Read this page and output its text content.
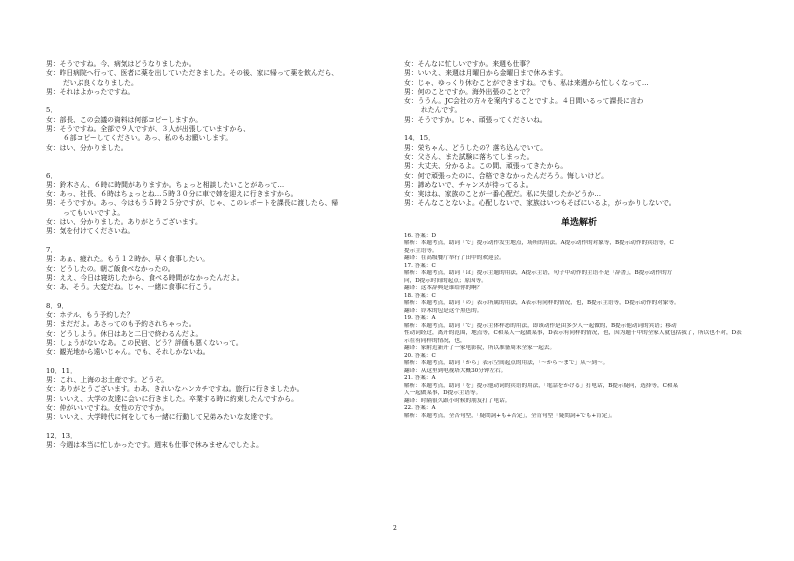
男：そうですね。今、病気はどうなりましたか。
女：昨日病院へ行って、医者に薬を出していただきました。その後、家に帰って薬を飲んだら、
だいぶ良くなりました。
男：それはよかったですね。
5．
女：部長、この会議の資料は何部コピーしますか。
男：そうですね。全部で９人ですが、３人が出張していますから、
６部コピーしてください。あっ、私のもお願いします。
女：はい、分かりました。
6．
男：鈴木さん、６時に時間がありますか。ちょっと相談したいことがあって…
女：あっ、社長、６時はちょっとね…５時３０分に車で姉を迎えに行きますから。
男：そうですか。あっ、今はもう５時２５分ですが、じゃ、このレポートを課長に渡したら、帰
ってもいいですよ。
女：はい、分かりました。ありがとうございます。
男：気を付けてくださいね。
7．
男：あぁ、疲れた。もう１２時か、早く食事したい。
女：どうしたの。朝ご飯食べなかったの。
男：ええ、今日は寝坊したから、食べる時間がなかったんだよ。
女：あ、そう。大変だね。じゃ、一緒に食事に行こう。
8．9．
女：ホテル、もう予約した？
男：まだだよ。あさってのも予約されちゃった。
女：どうしよう。休日はあと二日で終わるんだよ。
男：しょうがないなあ。この民宿、どう？評価も悪くないって。
女：観光地から遠いじゃん。でも、それしかないね。
10．11．
男：これ、上海のお土産です。どうぞ。
女：ありがとうございます。わあ、きれいなハンカチですね。旅行に行きましたか。
男：いいえ、大学の友達に会いに行きました。卒業する時に約束したんですから。
女：仲がいいですね。女性の方ですか。
男：いいえ、大学時代に何をしても一緒に行動して兄弟みたいな友達です。
12．13．
男：今週は本当に忙しかったです。週末も仕事で休みませんでしたよ。
女：そんなに忙しいですか。来週も仕事？
男：いいえ、来週は月曜日から金曜日まで休みます。
女：じゃ、ゆっくり休むことができますね。でも、私は来週から忙しくなって…
男：何のことですか。海外出張のことで？
女：ううん。JC会社の方々を案内することですよ。４日間いるって課長に言わ
れたんです。
男：そうですか。じゃ、頑張ってくださいね。
14．15．
男：栄ちゃん、どうしたの？落ち込んでいて。
女：父さん、また試験に落ちてしまった。
男：大丈夫、分かるよ。この間、頑張ってきたから。
女：何で頑張ったのに、合格できなかったんだろう。悔しいけど。
男：諦めないで、チャンスが待ってるよ。
女：実はね、家族のことが一番心配だ。私に失望したかどうか…
男：そんなことないよ。心配しないで、家族はいつもそばにいるよ，がっかりしないで。
单选解析
16. 答案：D
解析：本题考点，助词「で」提示动作发生地点，场所的用法。A提示动作的对象等，B提示动作的宾语等，C
提示主语等。
翻译：在高级餐厅举行了田中的欢迎会。
17. 答案：C
解析：本题考点，助词「は」提示主题的用法，A提示主语，句子中动作的主语不是「辞書」，B提示动作的方
向，D提示时间的起点；原因等。
翻译：这本辞典是谁给你的啊？
18. 答案：C
解析：本题考点，助词「の」表示所属的用法，A表示有同样的情况，也，B提示主语等，D提示动作的对象等。
翻译：铃木的包是这个黑色的。
19. 答案：A
解析：本题考点，助词「で」提示主体样态的用法，即该动作是由多少人一起做的，B提示他动词的宾语；移动
性动词经过，离开的范围，地点等，C和某人一起做某事，D表示有同样的情况，也，因为题干中的全家人就包括我了，所以也不对，D表
示在有同样的情况，也，
翻译：家附近新开了一家电影院，所以准备周末全家一起去。
20. 答案：C
解析：本题考点，助词「から」表示空间起点的用法，「～から～まで」从～到～。
翻译：从这里到电视塔大概30分钟左右。
21. 答案：A
解析：本题考点，助词「を」提示他动词的宾语的用法，「電話をかける」打电话，B提示疑问，选择等，C和某
人一起做某事，D提示主语等。
翻译：时隔很久跟小时候的朋友打了电话。
22. 答案：A
解析：本题考点，全否句型，「疑問詞+も+否定」，全肯句型「疑問詞+でも+肯定」。
2
